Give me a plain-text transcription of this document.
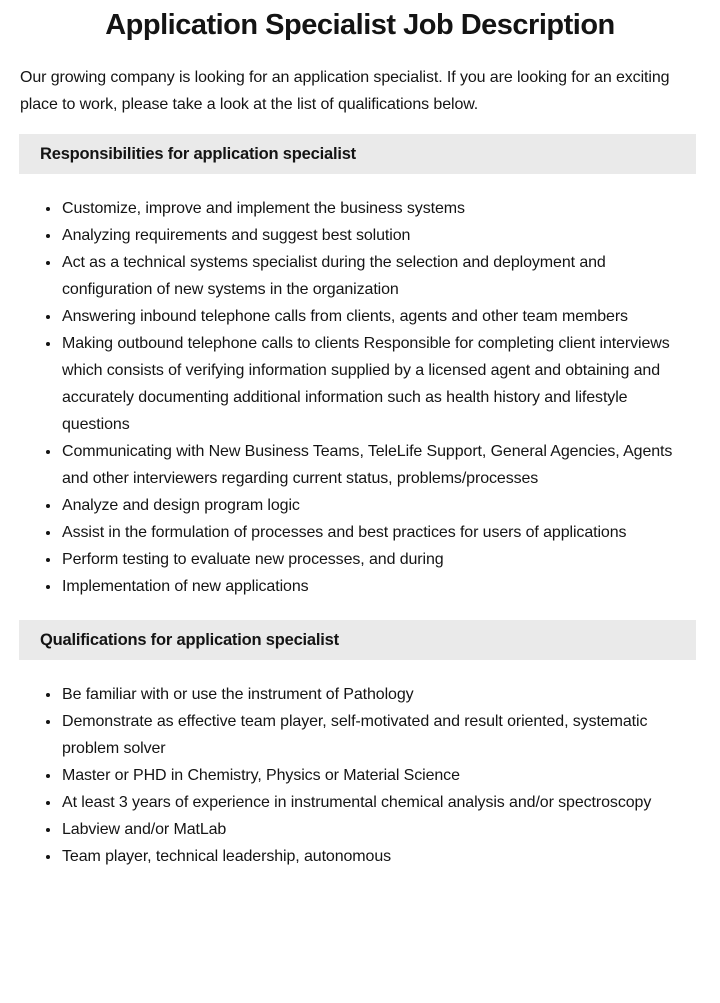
Application Specialist Job Description

Our growing company is looking for an application specialist. If you are looking for an exciting place to work, please take a look at the list of qualifications below.

Responsibilities for application specialist
• Customize, improve and implement the business systems
• Analyzing requirements and suggest best solution
• Act as a technical systems specialist during the selection and deployment and configuration of new systems in the organization
• Answering inbound telephone calls from clients, agents and other team members
• Making outbound telephone calls to clients Responsible for completing client interviews which consists of verifying information supplied by a licensed agent and obtaining and accurately documenting additional information such as health history and lifestyle questions
• Communicating with New Business Teams, TeleLife Support, General Agencies, Agents and other interviewers regarding current status, problems/processes
• Analyze and design program logic
• Assist in the formulation of processes and best practices for users of applications
• Perform testing to evaluate new processes, and during
• Implementation of new applications
Qualifications for application specialist
• Be familiar with or use the instrument of Pathology
• Demonstrate as effective team player, self-motivated and result oriented, systematic problem solver
• Master or PHD in Chemistry, Physics or Material Science
• At least 3 years of experience in instrumental chemical analysis and/or spectroscopy
• Labview and/or MatLab
• Team player, technical leadership, autonomous
